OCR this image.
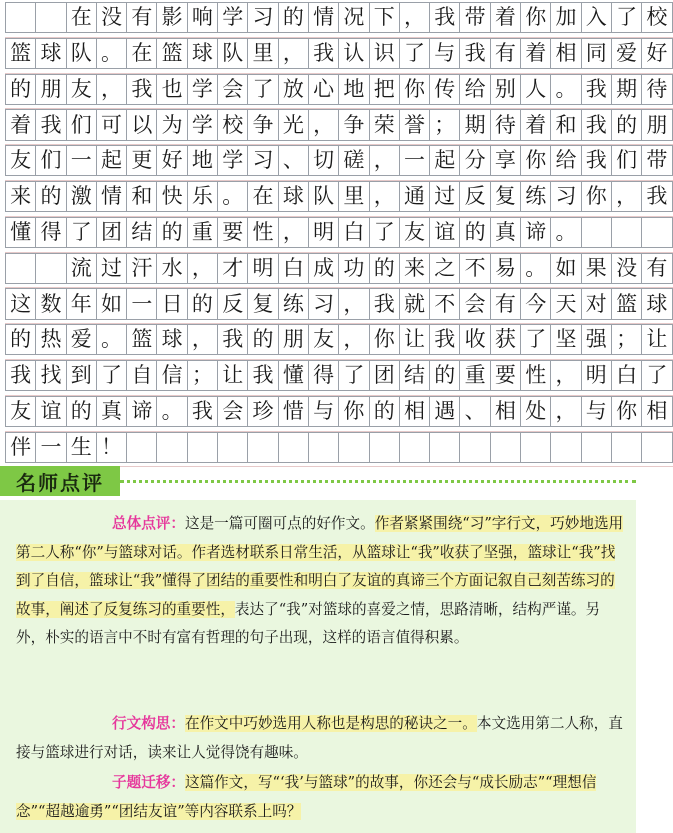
在 没 有 影 响 学 习 的 情 况 下 ， 我 带 着 你 加 入 了 校
篮 球 队 。 在 篮 球 队 里 ， 我 认 识 了 与 我 有 着 相 同 爱 好
的 朋 友 ， 我 也 学 会 了 放 心 地 把 你 传 给 别 人 。 我 期 待
着 我 们 可 以 为 学 校 争 光 ， 争 荣 誉 ； 期 待 着 和 我 的 朋
友 们 一 起 更 好 地 学 习 、 切 磋 ， 一 起 分 享 你 给 我 们 带
来 的 激 情 和 快 乐 。 在 球 队 里 ， 通 过 反 复 练 习 你 ， 我
懂 得 了 团 结 的 重 要 性 ， 明 白 了 友 谊 的 真 谛 。
流 过 汗 水 ， 才 明 白 成 功 的 来 之 不 易 。 如 果 没 有
这 数 年 如 一 日 的 反 复 练 习 ， 我 就 不 会 有 今 天 对 篮 球
的 热 爱 。 篮 球 ， 我 的 朋 友 ， 你 让 我 收 获 了 坚 强 ； 让
我 找 到 了 自 信 ； 让 我 懂 得 了 团 结 的 重 要 性 ， 明 白 了
友 谊 的 真 谛 。 我 会 珍 惜 与 你 的 相 遇 、 相 处 ， 与 你 相
伴 一 生 ！
名师点评
总体点评：这是一篇可圈可点的好作文。作者紧紧围绕“习”字行文，巧妙地选用第二人称“你”与篮球对话。作者选材联系日常生活，从篮球让“我”收获了坚强，篮球让“我”找到了自信，篮球让“我”懂得了团结的重要性和明白了友谊的真谛三个方面记叙自己刻苦练习的故事，阐述了反复练习的重要性，表达了“我”对篮球的喜爱之情，思路清晰，结构严谨。另外，朴实的语言中不时有富有哲理的句子出现，这样的语言值得积累。
行文构思：在作文中巧妙选用人称也是构思的秘诀之一。本文选用第二人称，直接与篮球进行对话，读来让人觉得饶有趣味。
子题迁移：这篇作文，写“‘我’与篮球”的故事，你还会与“成长励志”“理想信念”“超越逾勇”“团结友谊”等内容联系上吗？
